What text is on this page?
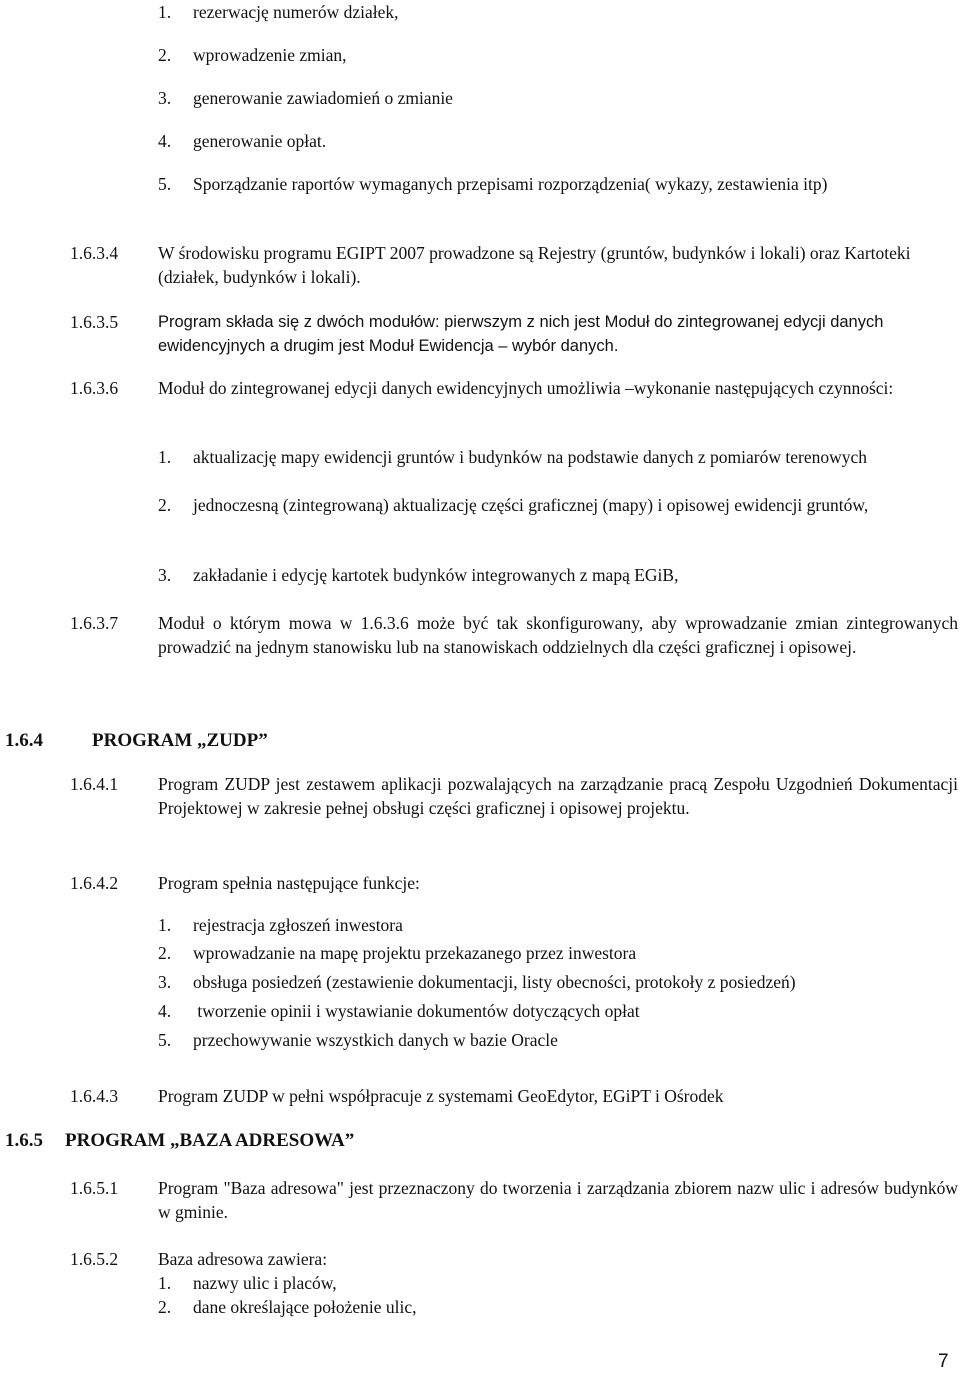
1. rezerwację numerów działek,
2. wprowadzenie zmian,
3. generowanie zawiadomień o zmianie
4. generowanie opłat.
5. Sporządzanie raportów wymaganych przepisami rozporządzenia( wykazy, zestawienia itp)
1.6.3.4 W środowisku programu EGIPT 2007 prowadzone są Rejestry (gruntów, budynków i lokali) oraz Kartoteki (działek, budynków i lokali).
1.6.3.5 Program składa się z dwóch modułów: pierwszym z nich jest Moduł do zintegrowanej edycji danych ewidencyjnych a drugim jest Moduł Ewidencja – wybór danych.
1.6.3.6 Moduł do zintegrowanej edycji danych ewidencyjnych umożliwia –wykonanie następujących czynności:
1. aktualizację mapy ewidencji gruntów i budynków na podstawie danych z pomiarów terenowych
2. jednoczesną (zintegrowaną) aktualizację części graficznej (mapy) i opisowej ewidencji gruntów,
3. zakładanie i edycję kartotek budynków integrowanych z mapą EGiB,
1.6.3.7 Moduł o którym mowa w 1.6.3.6 może być tak skonfigurowany, aby wprowadzanie zmian zintegrowanych prowadzić na jednym stanowisku lub na stanowiskach oddzielnych dla części graficznej i opisowej.
1.6.4	PROGRAM „ZUDP”
1.6.4.1 Program ZUDP jest zestawem aplikacji pozwalających na zarządzanie pracą Zespołu Uzgodnień Dokumentacji Projektowej w zakresie pełnej obsługi części graficznej i opisowej projektu.
1.6.4.2 Program spełnia następujące funkcje:
1. rejestracja zgłoszeń inwestora
2. wprowadzanie na mapę projektu przekazanego przez inwestora
3. obsługa posiedzeń (zestawienie dokumentacji, listy obecności, protokoły z posiedzeń)
4. tworzenie opinii i wystawianie dokumentów dotyczących opłat
5. przechowywanie wszystkich danych w bazie Oracle
1.6.4.3 Program ZUDP w pełni współpracuje z systemami GeoEdytor, EGiPT i Ośrodek
1.6.5 PROGRAM „BAZA ADRESOWA”
1.6.5.1 Program "Baza adresowa" jest przeznaczony do tworzenia i zarządzania zbiorem nazw ulic i adresów budynków w gminie.
1.6.5.2 Baza adresowa zawiera:
1. nazwy ulic i placów,
2. dane określające położenie ulic,
7
